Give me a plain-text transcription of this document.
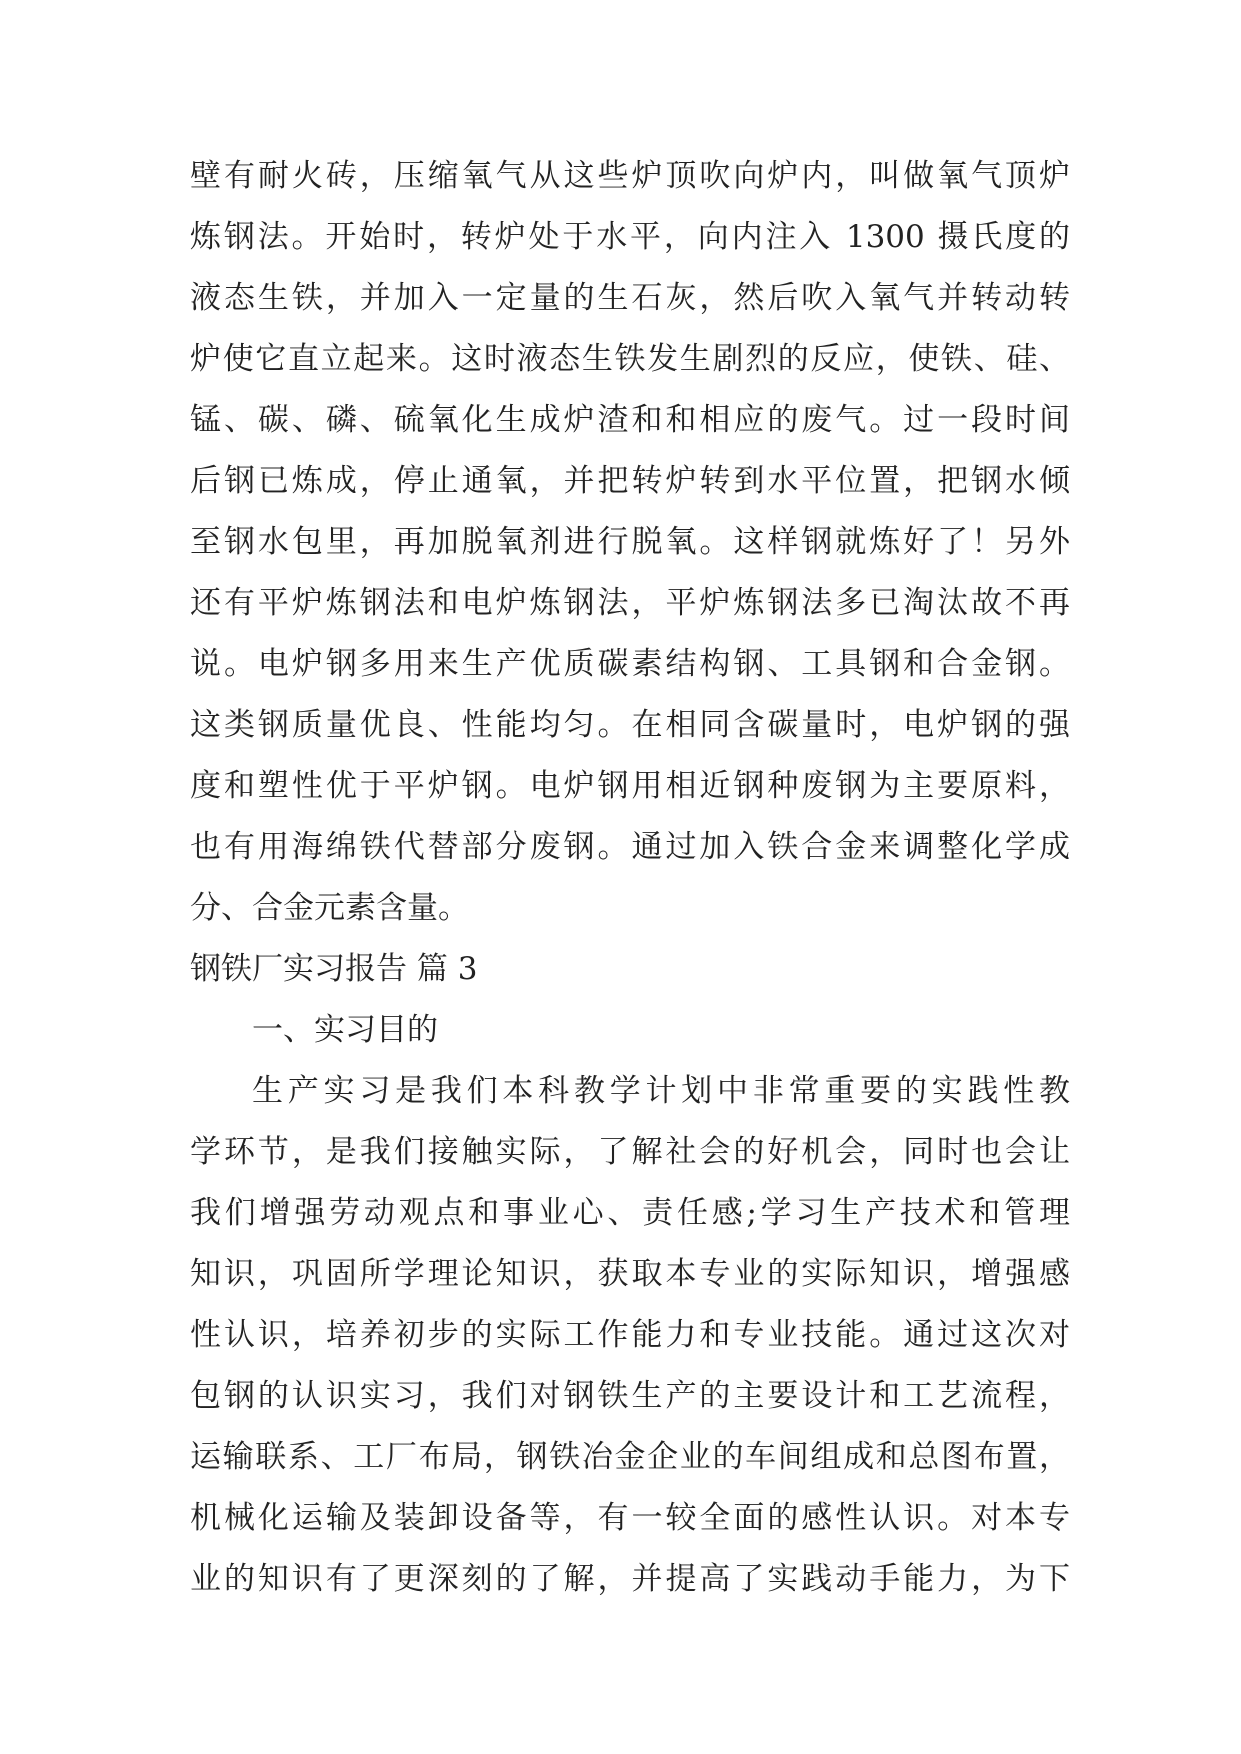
壁有耐火砖，压缩氧气从这些炉顶吹向炉内，叫做氧气顶炉
炼钢法。开始时，转炉处于水平，向内注入 1300 摄氏度的
液态生铁，并加入一定量的生石灰，然后吹入氧气并转动转
炉使它直立起来。这时液态生铁发生剧烈的反应，使铁、硅、
锰、碳、磷、硫氧化生成炉渣和和相应的废气。过一段时间
后钢已炼成，停止通氧，并把转炉转到水平位置，把钢水倾
至钢水包里，再加脱氧剂进行脱氧。这样钢就炼好了！另外
还有平炉炼钢法和电炉炼钢法，平炉炼钢法多已淘汰故不再
说。电炉钢多用来生产优质碳素结构钢、工具钢和合金钢。
这类钢质量优良、性能均匀。在相同含碳量时，电炉钢的强
度和塑性优于平炉钢。电炉钢用相近钢种废钢为主要原料，
也有用海绵铁代替部分废钢。通过加入铁合金来调整化学成
分、合金元素含量。
钢铁厂实习报告 篇 3
一、实习目的
生产实习是我们本科教学计划中非常重要的实践性教
学环节，是我们接触实际，了解社会的好机会，同时也会让
我们增强劳动观点和事业心、责任感;学习生产技术和管理
知识，巩固所学理论知识，获取本专业的实际知识，增强感
性认识，培养初步的实际工作能力和专业技能。通过这次对
包钢的认识实习，我们对钢铁生产的主要设计和工艺流程，
运输联系、工厂布局，钢铁冶金企业的车间组成和总图布置，
机械化运输及装卸设备等，有一较全面的感性认识。对本专
业的知识有了更深刻的了解，并提高了实践动手能力，为下
